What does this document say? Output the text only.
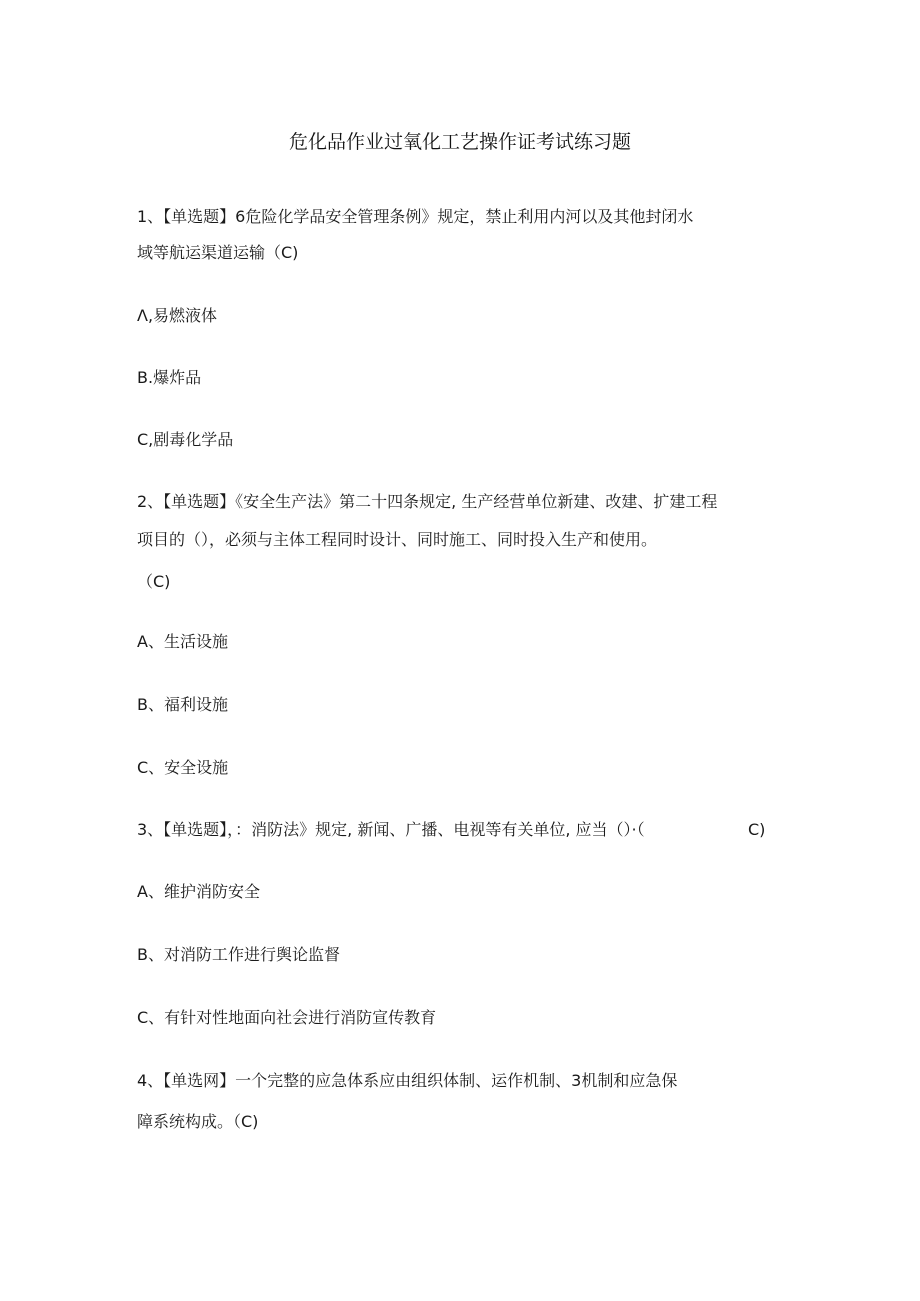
危化品作业过氧化工艺操作证考试练习题
1、【单选题】6危险化学品安全管理条例》规定，禁止利用内河以及其他封闭水
域等航运渠道运输（C)
Λ,易燃液体
B.爆炸品
C,剧毒化学品
2、【单选题】《安全生产法》第二十四条规定, 生产经营单位新建、改建、扩建工程
项目的（），必须与主体工程同时设计、同时施工、同时投入生产和使用。
（C)
A、生活设施
B、福利设施
C、安全设施
3、【单选题】，：消防法》规定, 新闻、广播、电视等有关单位, 应当（）·（	C)
A、维护消防安全
B、对消防工作进行舆论监督
C、有针对性地面向社会进行消防宣传教育
4、【单选网】一个完整的应急体系应由组织体制、运作机制、3机制和应急保
障系统构成。（C)
